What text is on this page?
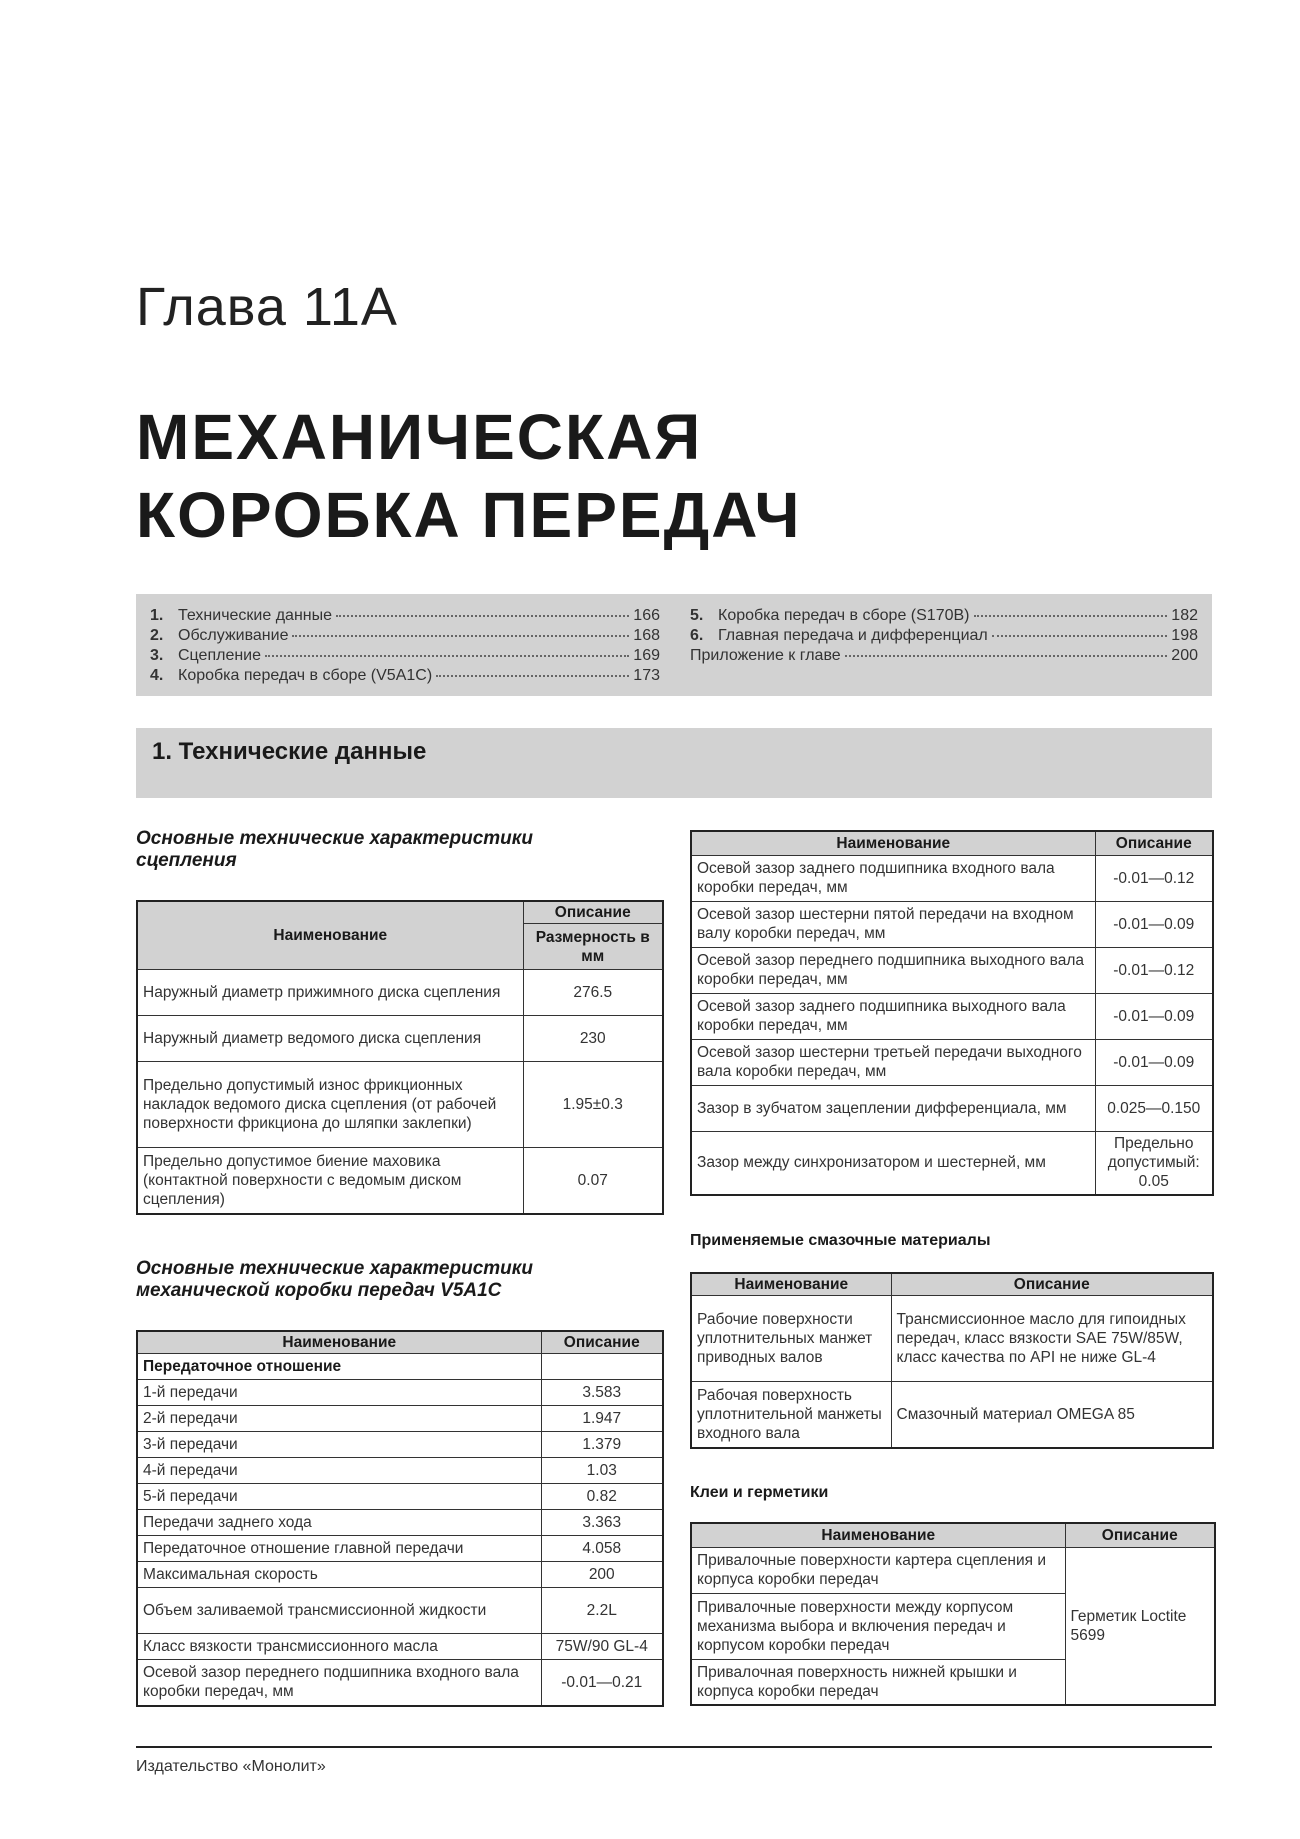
Глава 11А
МЕХАНИЧЕСКАЯ
КОРОБКА ПЕРЕДАЧ
1. Технические данные	166
2. Обслуживание	168
3. Сцепление	169
4. Коробка передач в сборе (V5A1C)	173
5. Коробка передач в сборе (S170B)	182
6. Главная передача и дифференциал	198
Приложение к главе	200
1. Технические данные
Основные технические характеристики
сцепления
Наименование	Описание
	Размерность в мм
Наружный диаметр прижимного диска сцепления	276.5
Наружный диаметр ведомого диска сцепления	230
Предельно допустимый износ фрикционных накладок ведомого диска сцепления (от рабочей поверхности фрикциона до шляпки заклепки)	1.95±0.3
Предельно допустимое биение маховика (контактной поверхности с ведомым диском сцепления)	0.07
Основные технические характеристики
механической коробки передач V5A1C
Наименование	Описание
Передаточное отношение	
1-й передачи	3.583
2-й передачи	1.947
3-й передачи	1.379
4-й передачи	1.03
5-й передачи	0.82
Передачи заднего хода	3.363
Передаточное отношение главной передачи	4.058
Максимальная скорость	200
Объем заливаемой трансмиссионной жидкости	2.2L
Класс вязкости трансмиссионного масла	75W/90 GL-4
Осевой зазор переднего подшипника входного вала коробки передач, мм	-0.01—0.21
Наименование	Описание
Осевой зазор заднего подшипника входного вала коробки передач, мм	-0.01—0.12
Осевой зазор шестерни пятой передачи на входном валу коробки передач, мм	-0.01—0.09
Осевой зазор переднего подшипника выходного вала коробки передач, мм	-0.01—0.12
Осевой зазор заднего подшипника выходного вала коробки передач, мм	-0.01—0.09
Осевой зазор шестерни третьей передачи выходного вала коробки передач, мм	-0.01—0.09
Зазор в зубчатом зацеплении дифференциала, мм	0.025—0.150
Зазор между синхронизатором и шестерней, мм	Предельно допустимый: 0.05
Применяемые смазочные материалы
Наименование	Описание
Рабочие поверхности уплотнительных манжет приводных валов	Трансмиссионное масло для гипоидных передач, класс вязкости SAE 75W/85W, класс качества по API не ниже GL-4
Рабочая поверхность уплотнительной манжеты входного вала	Смазочный материал OMEGA 85
Клеи и герметики
Наименование	Описание
Привалочные поверхности картера сцепления и корпуса коробки передач	Герметик Loctite 5699
Привалочные поверхности между корпусом механизма выбора и включения передач и корпусом коробки передач	
Привалочная поверхность нижней крышки и корпуса коробки передач	
Издательство «Монолит»
